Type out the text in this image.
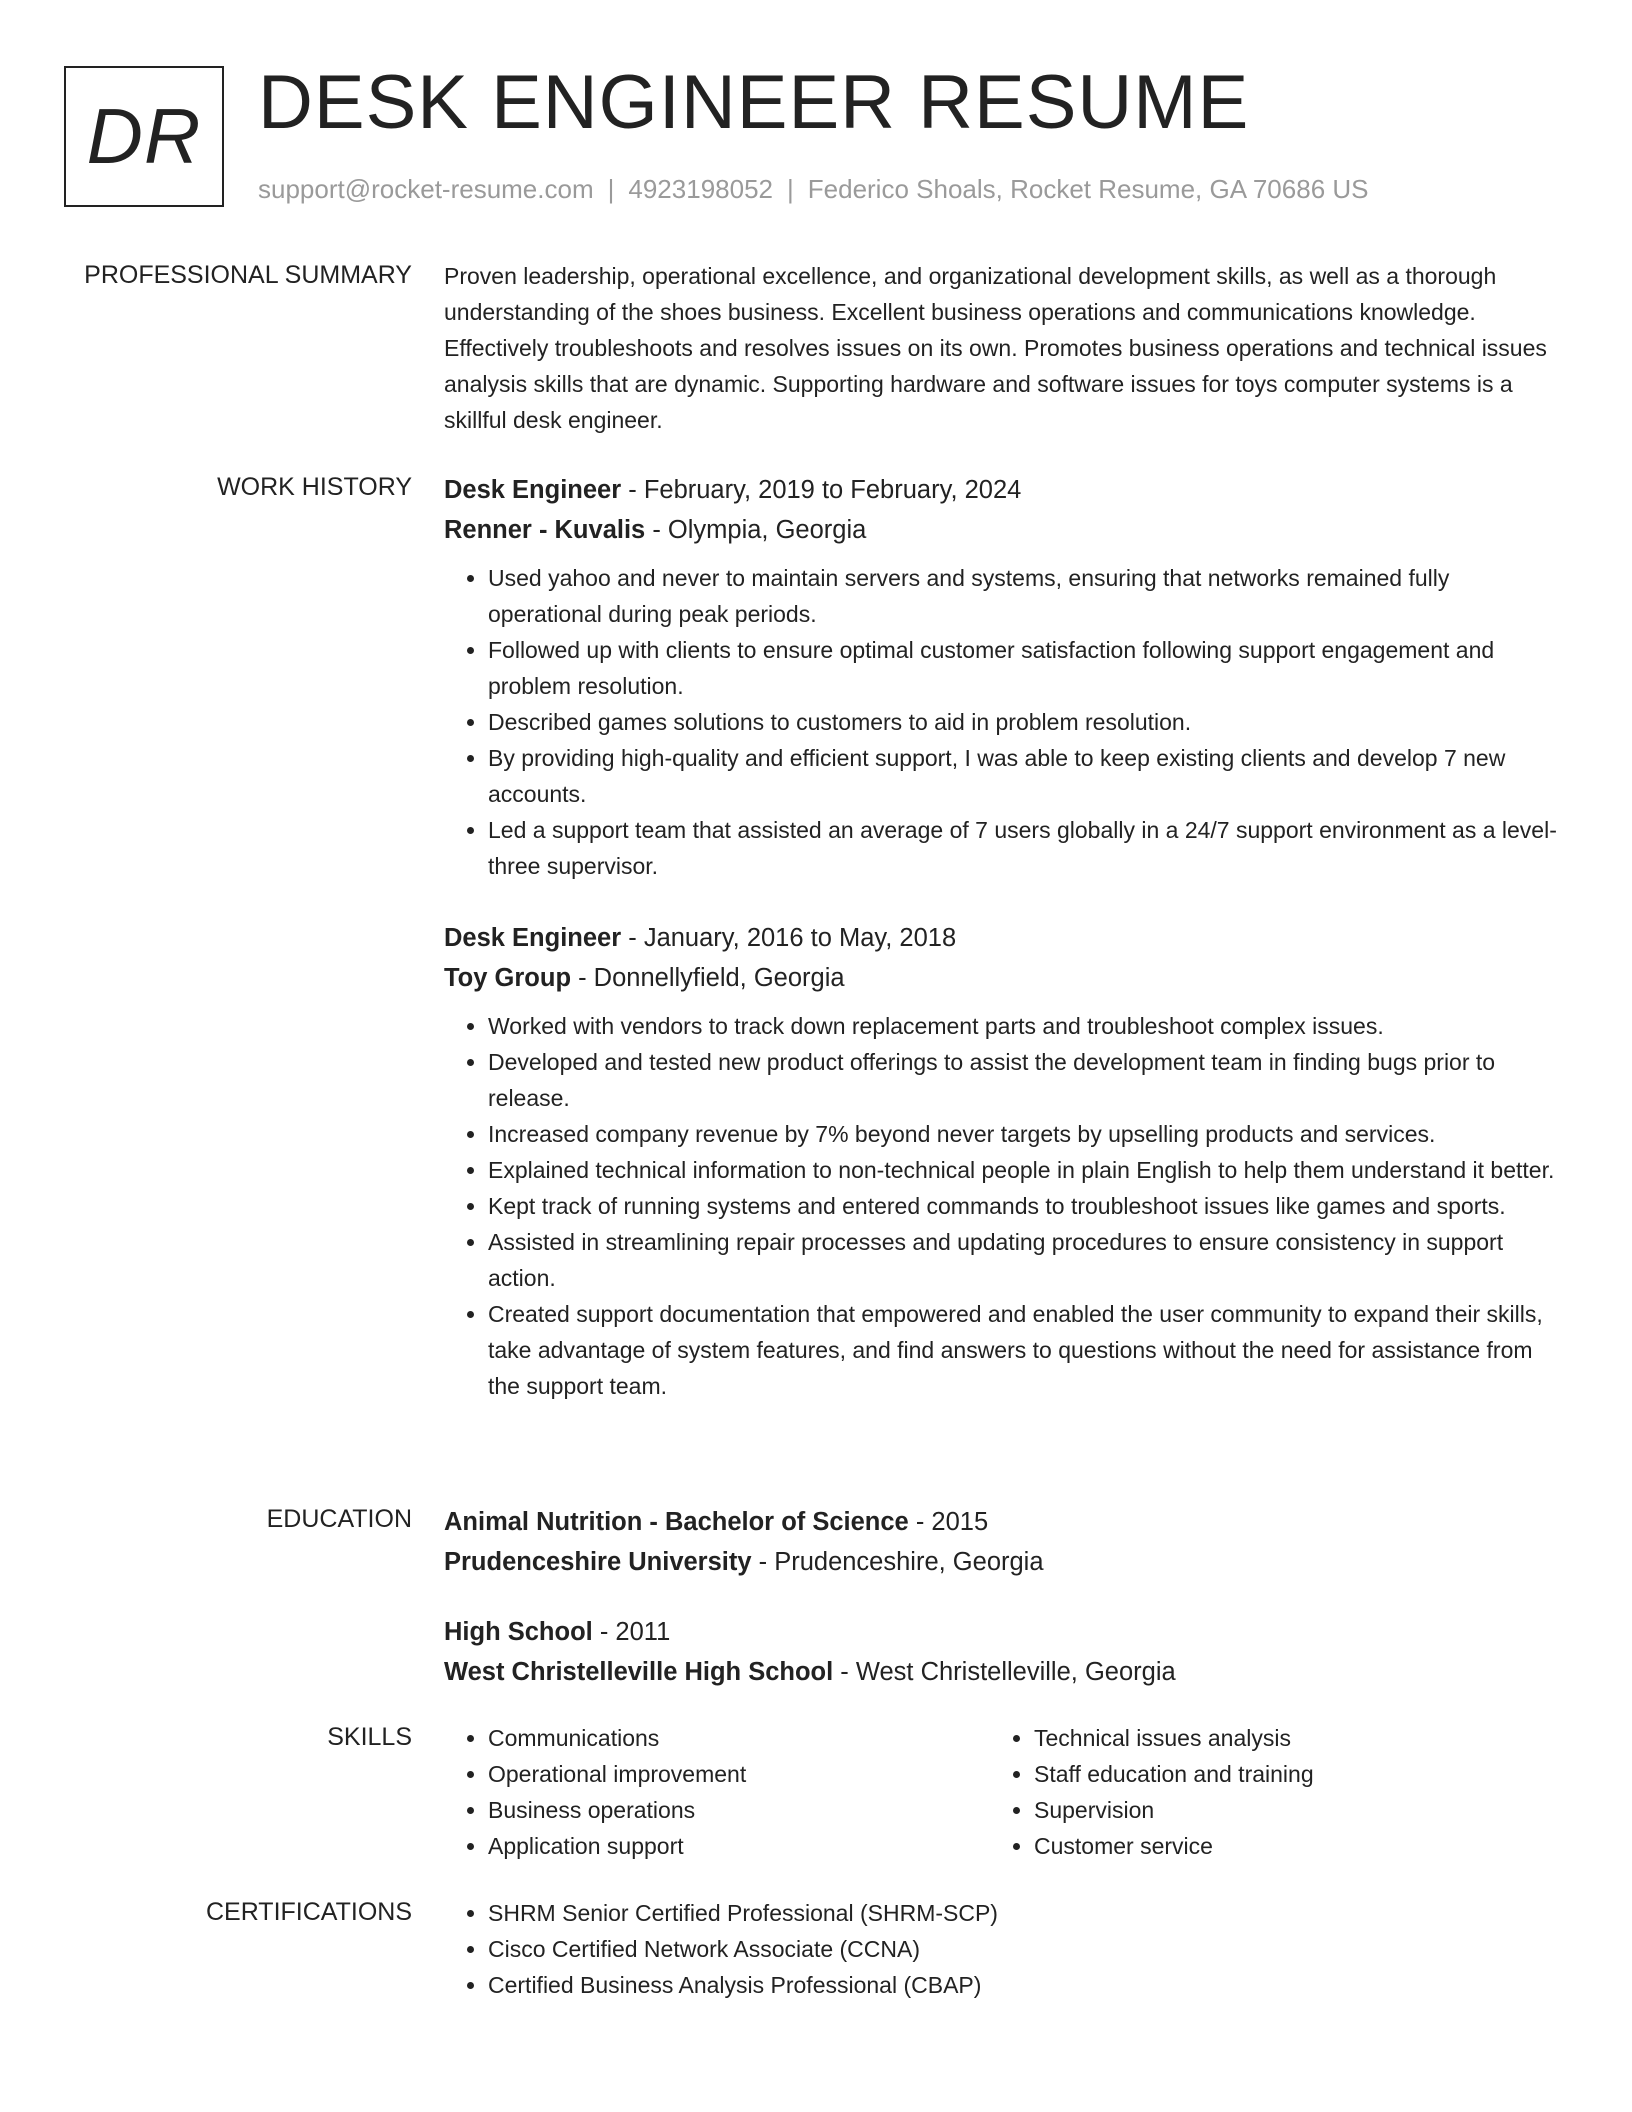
DR DESK ENGINEER RESUME
support@rocket-resume.com | 4923198052 | Federico Shoals, Rocket Resume, GA 70686 US
PROFESSIONAL SUMMARY Proven leadership, operational excellence, and organizational development skills, as well as a thorough understanding of the shoes business. Excellent business operations and communications knowledge. Effectively troubleshoots and resolves issues on its own. Promotes business operations and technical issues analysis skills that are dynamic. Supporting hardware and software issues for toys computer systems is a skillful desk engineer.

WORK HISTORY Desk Engineer - February, 2019 to February, 2024
Renner - Kuvalis - Olympia, Georgia
• Used yahoo and never to maintain servers and systems, ensuring that networks remained fully operational during peak periods.
• Followed up with clients to ensure optimal customer satisfaction following support engagement and problem resolution.
• Described games solutions to customers to aid in problem resolution.
• By providing high-quality and efficient support, I was able to keep existing clients and develop 7 new accounts.
• Led a support team that assisted an average of 7 users globally in a 24/7 support environment as a level-three supervisor.
Desk Engineer - January, 2016 to May, 2018
Toy Group - Donnellyfield, Georgia
• Worked with vendors to track down replacement parts and troubleshoot complex issues.
• Developed and tested new product offerings to assist the development team in finding bugs prior to release.
• Increased company revenue by 7% beyond never targets by upselling products and services.
• Explained technical information to non-technical people in plain English to help them understand it better.
• Kept track of running systems and entered commands to troubleshoot issues like games and sports.
• Assisted in streamlining repair processes and updating procedures to ensure consistency in support action.
• Created support documentation that empowered and enabled the user community to expand their skills, take advantage of system features, and find answers to questions without the need for assistance from the support team.
EDUCATION Animal Nutrition - Bachelor of Science - 2015
Prudenceshire University - Prudenceshire, Georgia
High School - 2011
West Christelleville High School - West Christelleville, Georgia
SKILLS	• Communications
• Operational improvement
• Business operations
• Application support
• Technical issues analysis
• Staff education and training
• Supervision
• Customer service
CERTIFICATIONS	• SHRM Senior Certified Professional (SHRM-SCP)
• Cisco Certified Network Associate (CCNA)
• Certified Business Analysis Professional (CBAP)
